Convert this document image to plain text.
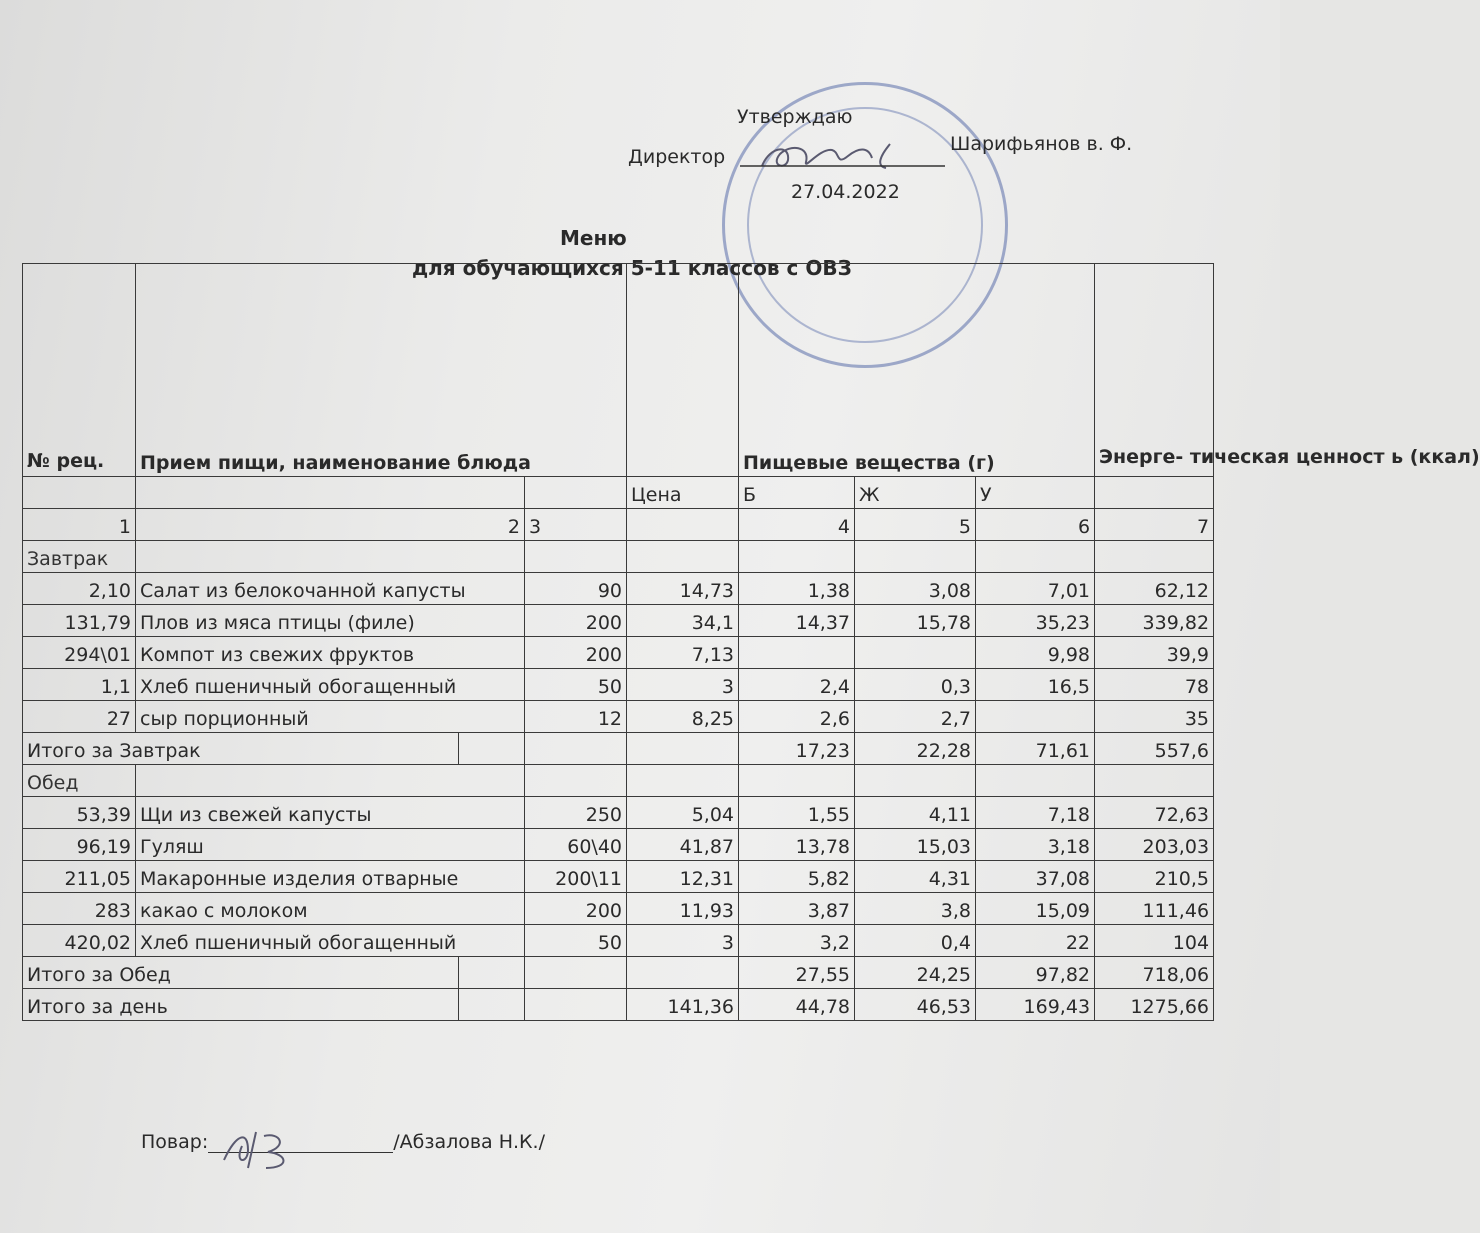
Утверждаю
Директор
Шарифьянов в. Ф.
27.04.2022
Меню
для обучающихся 5-11 классов с ОВЗ
№ рец.	Прием пищи, наименование блюда				Пищевые вещества (г)			Энерге- тическая ценност ь (ккал)
				Цена	Б	Ж	У	
1	2		3		4	5	6	7
Завтрак								
2,10	Салат из белокочанной капусты		90	14,73	1,38	3,08	7,01	62,12
131,79	Плов из мяса птицы (филе)		200	34,1	14,37	15,78	35,23	339,82
294\01	Компот из свежих фруктов		200	7,13			9,98	39,9
1,1	Хлеб пшеничный обогащенный		50	3	2,4	0,3	16,5	78
27	сыр порционный		12	8,25	2,6	2,7		35
Итого за Завтрак					17,23	22,28	71,61	557,6
Обед								
53,39	Щи из свежей капусты		250	5,04	1,55	4,11	7,18	72,63
96,19	Гуляш		60\40	41,87	13,78	15,03	3,18	203,03
211,05	Макаронные изделия отварные		200\11	12,31	5,82	4,31	37,08	210,5
283	какао с молоком		200	11,93	3,87	3,8	15,09	111,46
420,02	Хлеб пшеничный обогащенный		50	3	3,2	0,4	22	104
Итого за Обед					27,55	24,25	97,82	718,06
Итого за день				141,36	44,78	46,53	169,43	1275,66
Повар:	/Абзалова Н.К./
